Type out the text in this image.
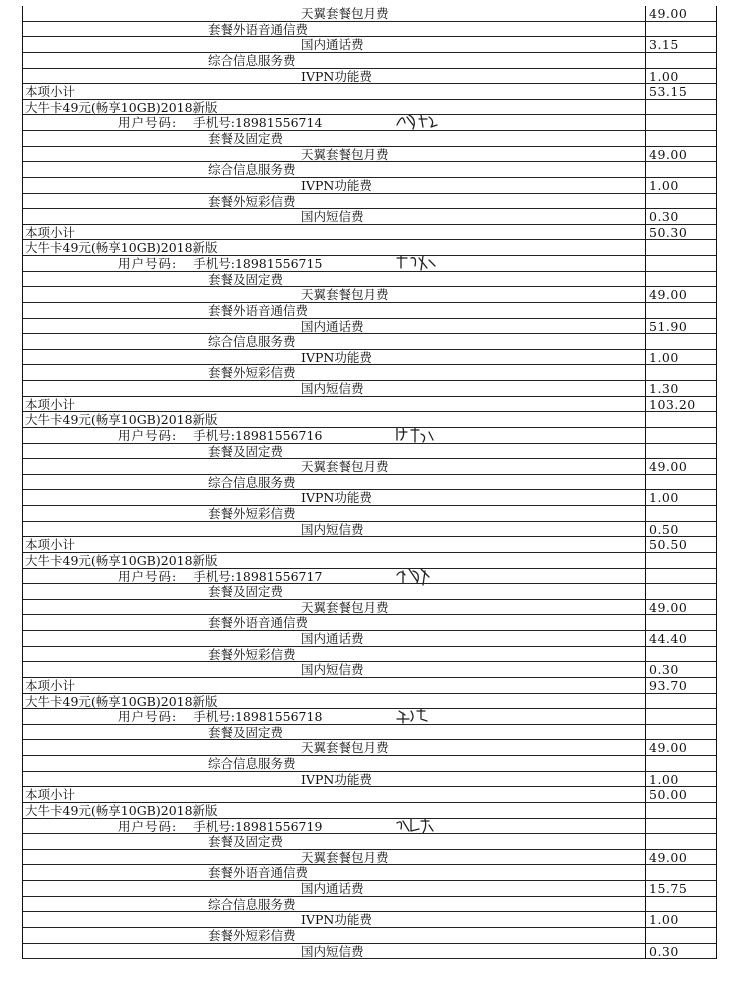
天翼套餐包月费	49.00
套餐外语音通信费
国内通话费	3.15
综合信息服务费
IVPN功能费	1.00
本项小计	53.15
大牛卡49元(畅享10GB)2018新版
用户号码: 手机号:18981556714
套餐及固定费
天翼套餐包月费	49.00
综合信息服务费
IVPN功能费	1.00
套餐外短彩信费
国内短信费	0.30
本项小计	50.30
大牛卡49元(畅享10GB)2018新版
用户号码: 手机号:18981556715
套餐及固定费
天翼套餐包月费	49.00
套餐外语音通信费
国内通话费	51.90
综合信息服务费
IVPN功能费	1.00
套餐外短彩信费
国内短信费	1.30
本项小计	103.20
大牛卡49元(畅享10GB)2018新版
用户号码: 手机号:18981556716
套餐及固定费
天翼套餐包月费	49.00
综合信息服务费
IVPN功能费	1.00
套餐外短彩信费
国内短信费	0.50
本项小计	50.50
大牛卡49元(畅享10GB)2018新版
用户号码: 手机号:18981556717
套餐及固定费
天翼套餐包月费	49.00
套餐外语音通信费
国内通话费	44.40
套餐外短彩信费
国内短信费	0.30
本项小计	93.70
大牛卡49元(畅享10GB)2018新版
用户号码: 手机号:18981556718
套餐及固定费
天翼套餐包月费	49.00
综合信息服务费
IVPN功能费	1.00
本项小计	50.00
大牛卡49元(畅享10GB)2018新版
用户号码: 手机号:18981556719
套餐及固定费
天翼套餐包月费	49.00
套餐外语音通信费
国内通话费	15.75
综合信息服务费
IVPN功能费	1.00
套餐外短彩信费
国内短信费	0.30
